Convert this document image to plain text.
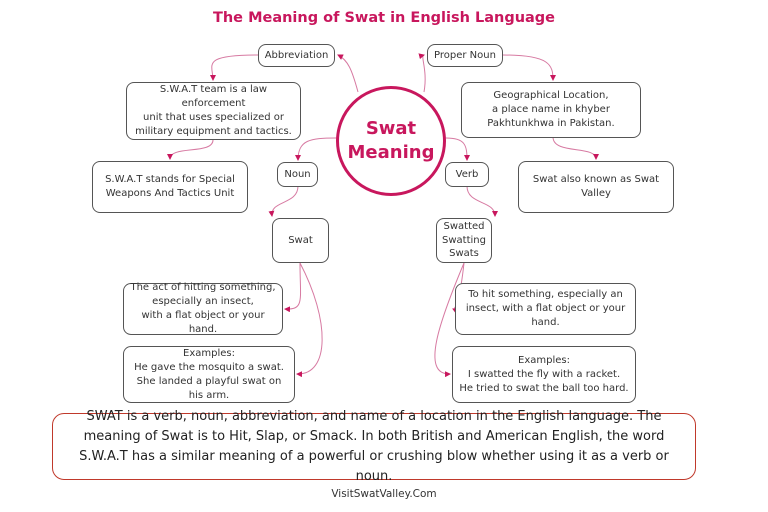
The Meaning of Swat in English Language
Swat
Meaning
Abbreviation	Proper Noun
S.W.A.T team is a law enforcement
unit that uses specialized or
military equipment and tactics.
Geographical Location,
a place name in khyber
Pakhtunkhwa in Pakistan.
S.W.A.T stands for Special
Weapons And Tactics Unit
Swat also known as Swat Valley
Noun	Verb
Swat
Swatted
Swatting
Swats
The act of hitting something,
especially an insect,
with a flat object or your hand.
To hit something, especially an
insect, with a flat object or your
hand.
Examples:
He gave the mosquito a swat.
She landed a playful swat on his arm.
Examples:
I swatted the fly with a racket.
He tried to swat the ball too hard.
SWAT is a verb, noun, abbreviation, and name of a location in the English language. The meaning of Swat is to Hit, Slap, or Smack. In both British and American English, the word S.W.A.T has a similar meaning of a powerful or crushing blow whether using it as a verb or noun.
VisitSwatValley.Com
